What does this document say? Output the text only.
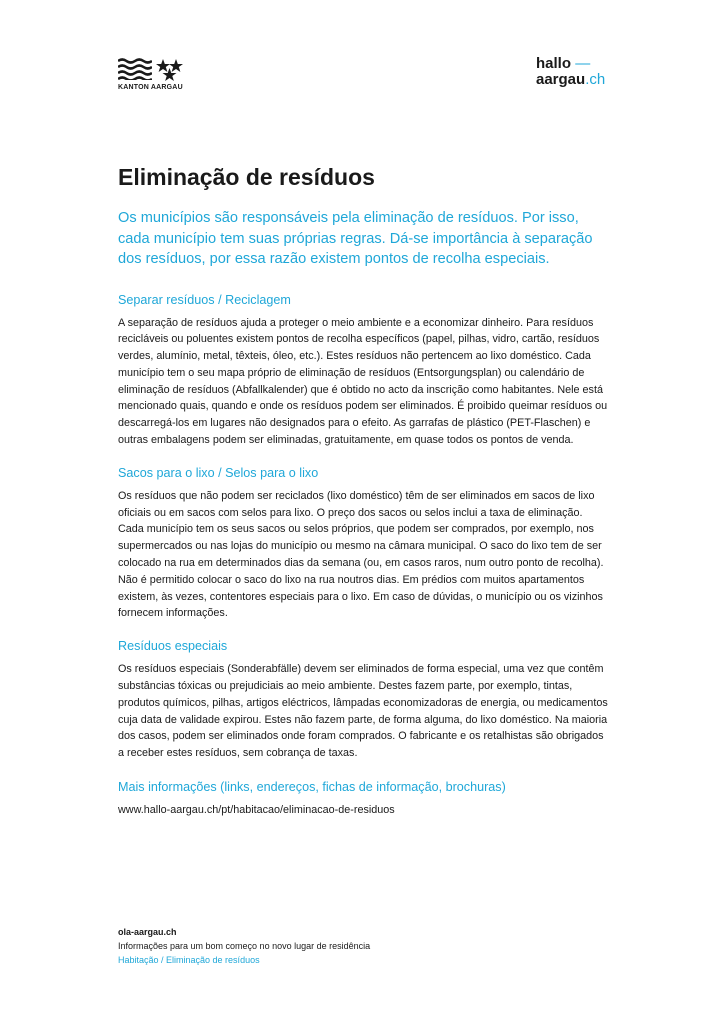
KANTON AARGAU
hallo —
aargau.ch
Eliminação de resíduos

Os municípios são responsáveis pela eliminação de resíduos. Por isso, cada município tem suas próprias regras. Dá-se importância à separação dos resíduos, por essa razão existem pontos de recolha especiais.

Separar resíduos / Reciclagem

A separação de resíduos ajuda a proteger o meio ambiente e a economizar dinheiro. Para resíduos recicláveis ou poluentes existem pontos de recolha específicos (papel, pilhas, vidro, cartão, resíduos verdes, alumínio, metal, têxteis, óleo, etc.). Estes resíduos não pertencem ao lixo doméstico. Cada município tem o seu mapa próprio de eliminação de resíduos (Entsorgungsplan) ou calendário de eliminação de resíduos (Abfallkalender) que é obtido no acto da inscrição como habitantes. Nele está mencionado quais, quando e onde os resíduos podem ser eliminados. É proibido queimar resíduos ou descarregá-los em lugares não designados para o efeito. As garrafas de plástico (PET-Flaschen) e outras embalagens podem ser eliminadas, gratuitamente, em quase todos os pontos de venda.

Sacos para o lixo / Selos para o lixo

Os resíduos que não podem ser reciclados (lixo doméstico) têm de ser eliminados em sacos de lixo oficiais ou em sacos com selos para lixo. O preço dos sacos ou selos inclui a taxa de eliminação. Cada município tem os seus sacos ou selos próprios, que podem ser comprados, por exemplo, nos supermercados ou nas lojas do município ou mesmo na câmara municipal. O saco do lixo tem de ser colocado na rua em determinados dias da semana (ou, em casos raros, num outro ponto de recolha). Não é permitido colocar o saco do lixo na rua noutros dias. Em prédios com muitos apartamentos existem, às vezes, contentores especiais para o lixo. Em caso de dúvidas, o município ou os vizinhos fornecem informações.

Resíduos especiais

Os resíduos especiais (Sonderabfälle) devem ser eliminados de forma especial, uma vez que contêm substâncias tóxicas ou prejudiciais ao meio ambiente. Destes fazem parte, por exemplo, tintas, produtos químicos, pilhas, artigos eléctricos, lâmpadas economizadoras de energia, ou medicamentos cuja data de validade expirou. Estes não fazem parte, de forma alguma, do lixo doméstico. Na maioria dos casos, podem ser eliminados onde foram comprados. O fabricante e os retalhistas são obrigados a receber estes resíduos, sem cobrança de taxas.

Mais informações (links, endereços, fichas de informação, brochuras)

www.hallo-aargau.ch/pt/habitacao/eliminacao-de-residuos

ola-aargau.ch
Informações para um bom começo no novo lugar de residência
Habitação / Eliminação de resíduos
